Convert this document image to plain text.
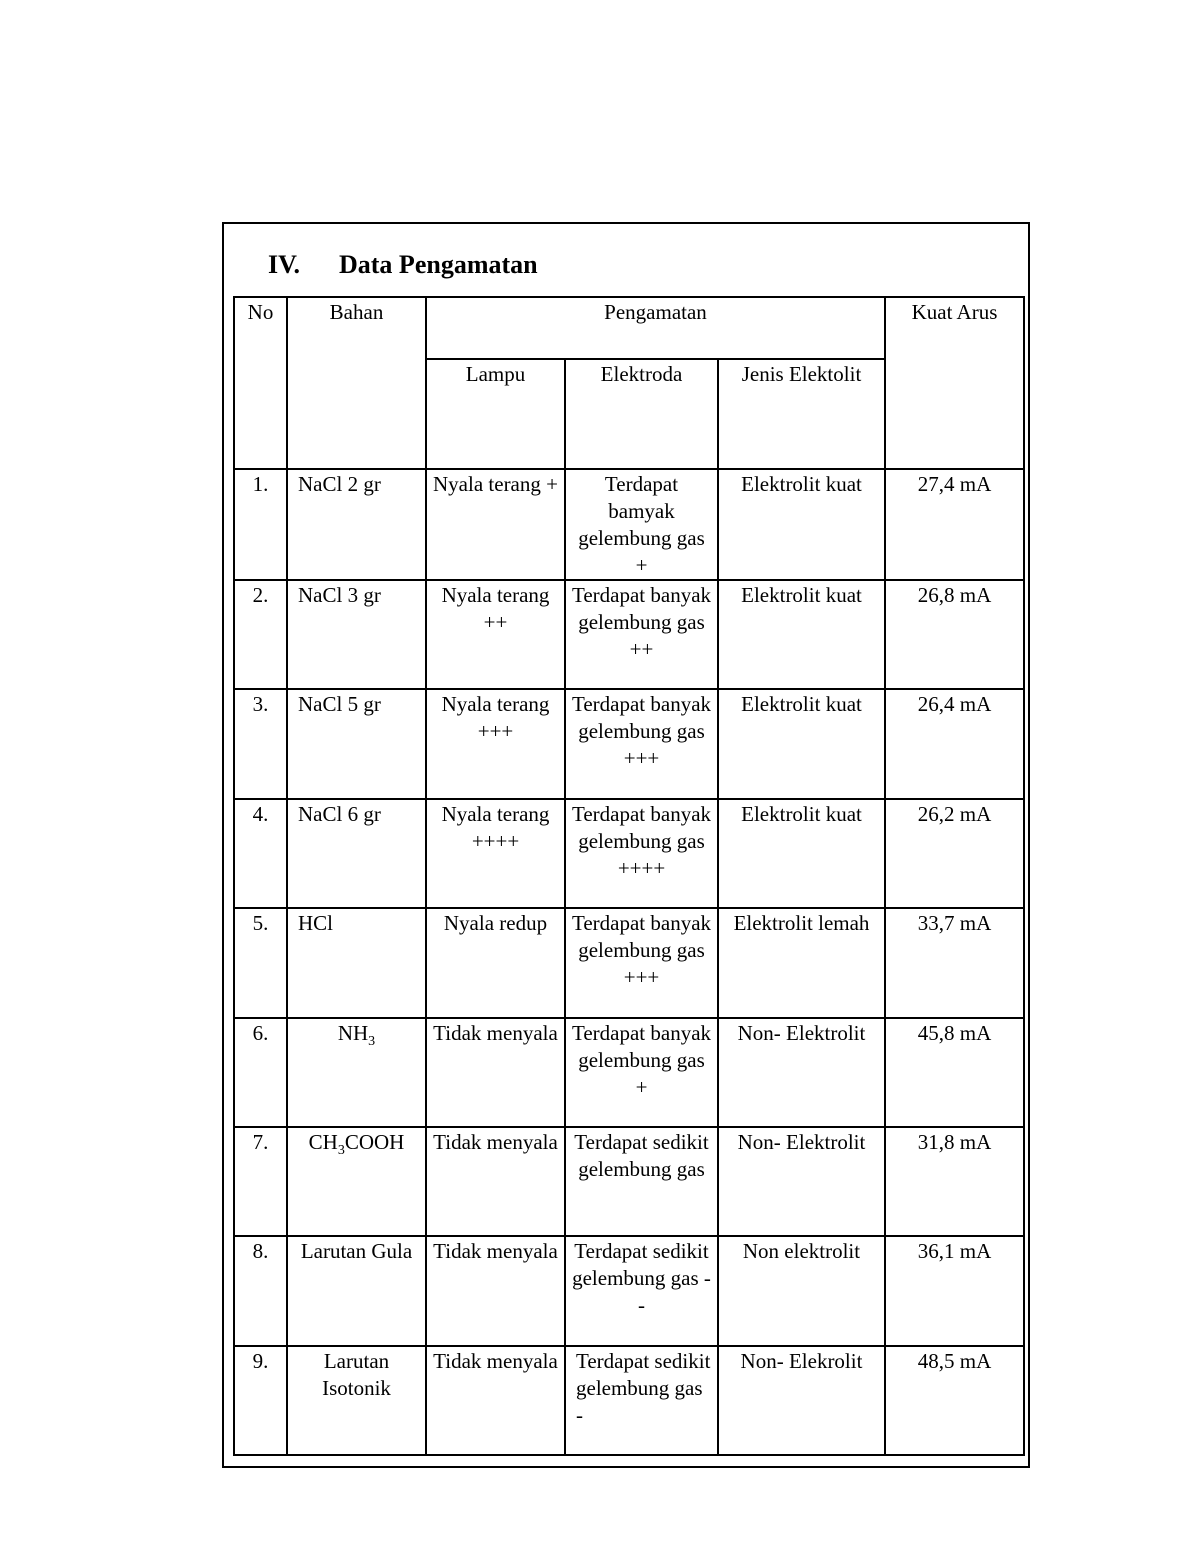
IV. Data Pengamatan
No	Bahan	Pengamatan			Kuat Arus
		Lampu	Elektroda	Jenis Elektolit	
1.	NaCl 2 gr	Nyala terang +	Terdapat bamyak gelembung gas +	Elektrolit kuat	27,4 mA
2.	NaCl 3 gr	Nyala terang ++	Terdapat banyak gelembung gas ++	Elektrolit kuat	26,8 mA
3.	NaCl 5 gr	Nyala terang +++	Terdapat banyak gelembung gas +++	Elektrolit kuat	26,4 mA
4.	NaCl 6 gr	Nyala terang ++++	Terdapat banyak gelembung gas ++++	Elektrolit kuat	26,2 mA
5.	HCl	Nyala redup	Terdapat banyak gelembung gas +++	Elektrolit lemah	33,7 mA
6.	$NH_3$	Tidak menyala	Terdapat banyak gelembung gas +	Non- Elektrolit	45,8 mA
7.	$CH_3COOH$	Tidak menyala	Terdapat sedikit gelembung gas	Non- Elektrolit	31,8 mA
8.	Larutan Gula	Tidak menyala	Terdapat sedikit gelembung gas --	Non elektrolit	36,1 mA
9.	Larutan Isotonik	Tidak menyala	Terdapat sedikit gelembung gas -	Non- Elekrolit	48,5 mA
